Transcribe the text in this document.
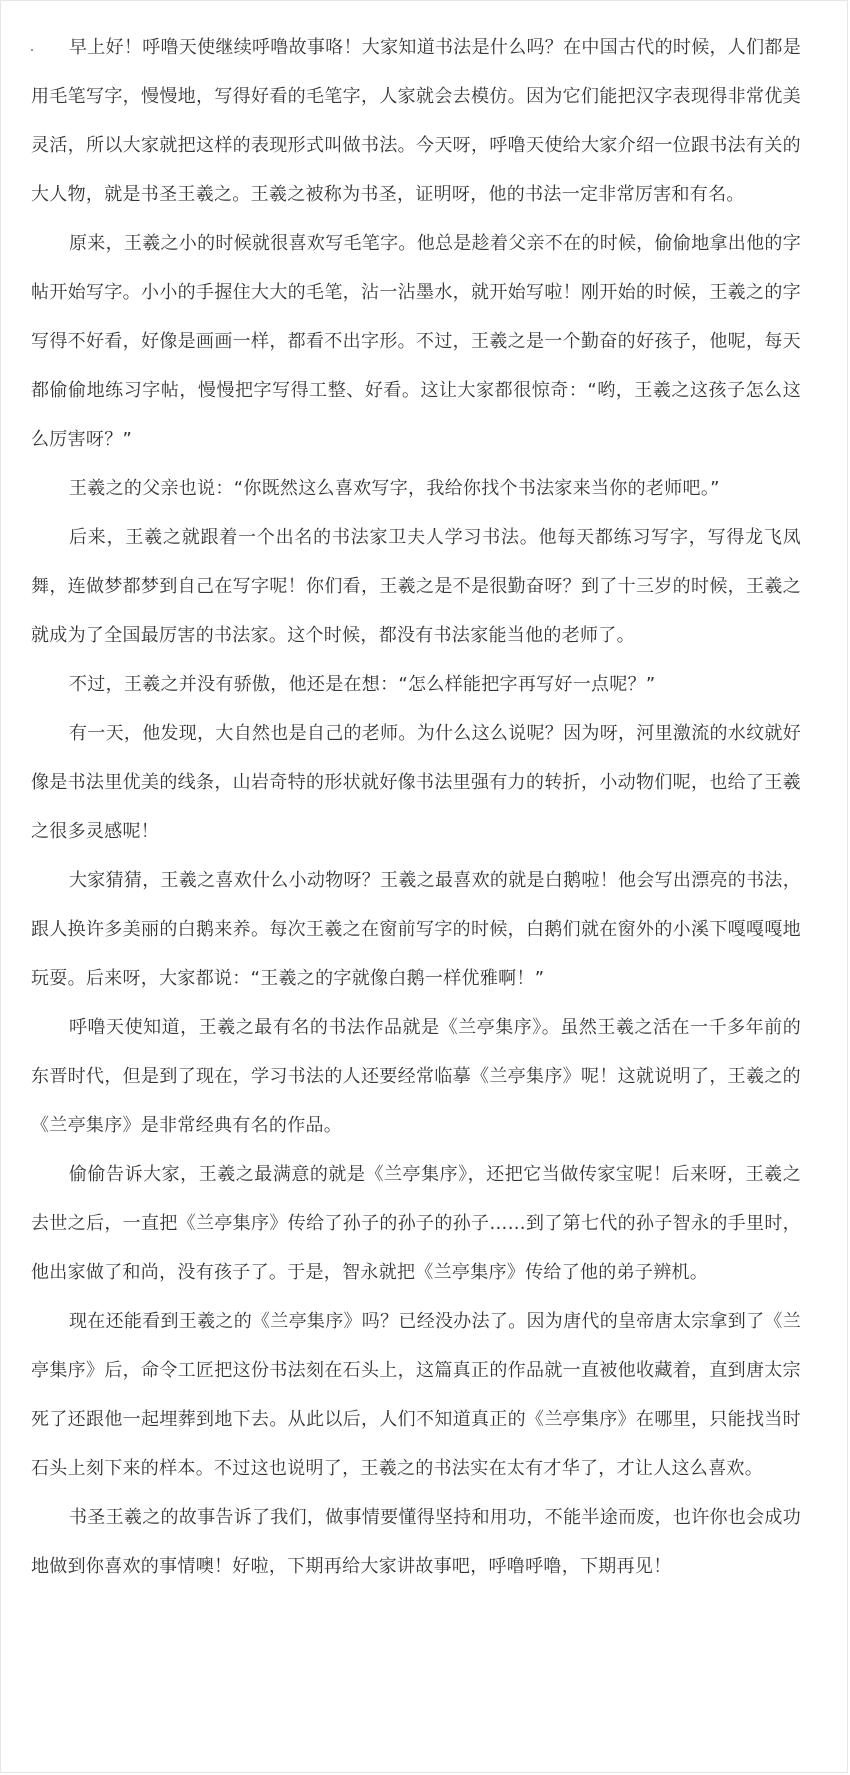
早上好！呼噜天使继续呼噜故事咯！大家知道书法是什么吗？在中国古代的时候，人们都是用毛笔写字，慢慢地，写得好看的毛笔字，人家就会去模仿。因为它们能把汉字表现得非常优美灵活，所以大家就把这样的表现形式叫做书法。今天呀，呼噜天使给大家介绍一位跟书法有关的大人物，就是书圣王羲之。王羲之被称为书圣，证明呀，他的书法一定非常厉害和有名。

原来，王羲之小的时候就很喜欢写毛笔字。他总是趁着父亲不在的时候，偷偷地拿出他的字帖开始写字。小小的手握住大大的毛笔，沾一沾墨水，就开始写啦！刚开始的时候，王羲之的字写得不好看，好像是画画一样，都看不出字形。不过，王羲之是一个勤奋的好孩子，他呢，每天都偷偷地练习字帖，慢慢把字写得工整、好看。这让大家都很惊奇：“哟，王羲之这孩子怎么这么厉害呀？”

王羲之的父亲也说：“你既然这么喜欢写字，我给你找个书法家来当你的老师吧。”

后来，王羲之就跟着一个出名的书法家卫夫人学习书法。他每天都练习写字，写得龙飞凤舞，连做梦都梦到自己在写字呢！你们看，王羲之是不是很勤奋呀？到了十三岁的时候，王羲之就成为了全国最厉害的书法家。这个时候，都没有书法家能当他的老师了。

不过，王羲之并没有骄傲，他还是在想：“怎么样能把字再写好一点呢？”

有一天，他发现，大自然也是自己的老师。为什么这么说呢？因为呀，河里激流的水纹就好像是书法里优美的线条，山岩奇特的形状就好像书法里强有力的转折，小动物们呢，也给了王羲之很多灵感呢！

大家猜猜，王羲之喜欢什么小动物呀？王羲之最喜欢的就是白鹅啦！他会写出漂亮的书法，跟人换许多美丽的白鹅来养。每次王羲之在窗前写字的时候，白鹅们就在窗外的小溪下嘎嘎嘎地玩耍。后来呀，大家都说：“王羲之的字就像白鹅一样优雅啊！”

呼噜天使知道，王羲之最有名的书法作品就是《兰亭集序》。虽然王羲之活在一千多年前的东晋时代，但是到了现在，学习书法的人还要经常临摹《兰亭集序》呢！这就说明了，王羲之的《兰亭集序》是非常经典有名的作品。

偷偷告诉大家，王羲之最满意的就是《兰亭集序》，还把它当做传家宝呢！后来呀，王羲之去世之后，一直把《兰亭集序》传给了孙子的孙子的孙子……到了第七代的孙子智永的手里时，他出家做了和尚，没有孩子了。于是，智永就把《兰亭集序》传给了他的弟子辨机。

现在还能看到王羲之的《兰亭集序》吗？已经没办法了。因为唐代的皇帝唐太宗拿到了《兰亭集序》后，命令工匠把这份书法刻在石头上，这篇真正的作品就一直被他收藏着，直到唐太宗死了还跟他一起埋葬到地下去。从此以后，人们不知道真正的《兰亭集序》在哪里，只能找当时石头上刻下来的样本。不过这也说明了，王羲之的书法实在太有才华了，才让人这么喜欢。

书圣王羲之的故事告诉了我们，做事情要懂得坚持和用功，不能半途而废，也许你也会成功地做到你喜欢的事情噢！好啦，下期再给大家讲故事吧，呼噜呼噜，下期再见！
